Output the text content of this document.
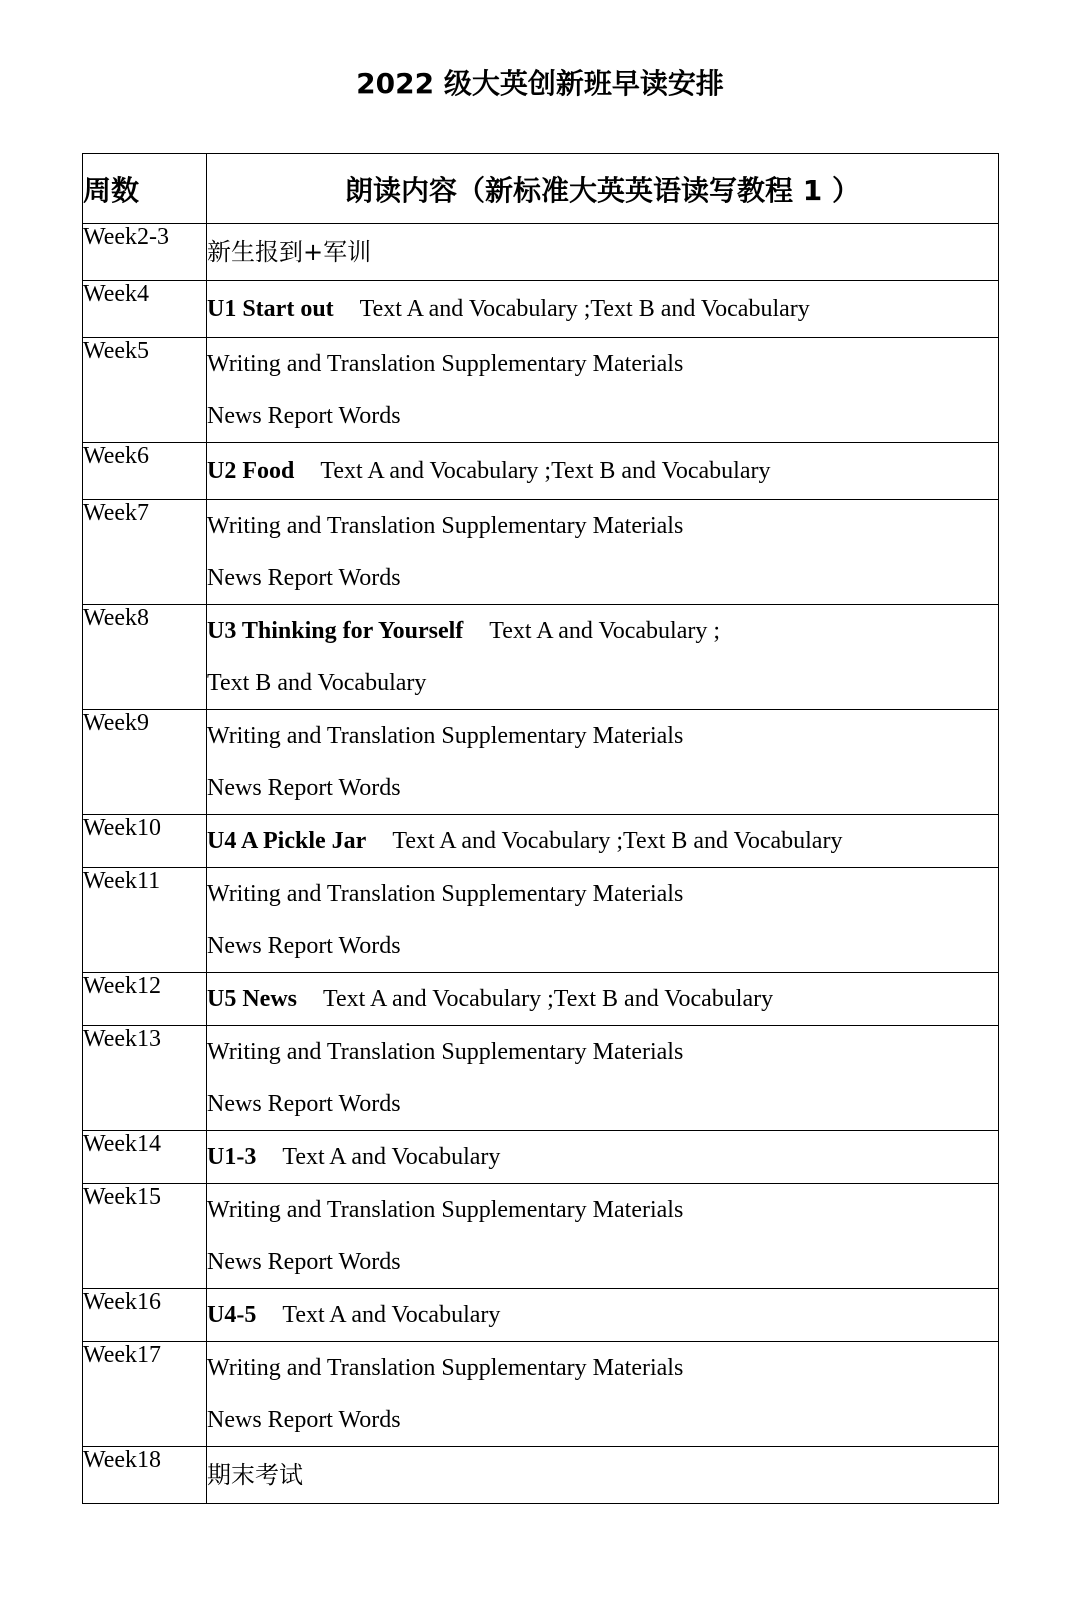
2022 级大英创新班早读安排
周数	朗读内容（新标准大英英语读写教程 1 ）
Week2-3	新生报到+军训

Week4	U1 Start out Text A and Vocabulary ;Text B and Vocabulary

Week5	Writing and Translation Supplementary Materials
News Report Words

Week6	U2 Food Text A and Vocabulary ;Text B and Vocabulary

Week7	Writing and Translation Supplementary Materials
News Report Words

Week8	U3 Thinking for Yourself Text A and Vocabulary ;
Text B and Vocabulary

Week9	Writing and Translation Supplementary Materials
News Report Words

Week10	U4 A Pickle Jar Text A and Vocabulary ;Text B and Vocabulary

Week11	Writing and Translation Supplementary Materials
News Report Words

Week12	U5 News Text A and Vocabulary ;Text B and Vocabulary

Week13	Writing and Translation Supplementary Materials
News Report Words

Week14	U1-3 Text A and Vocabulary

Week15	Writing and Translation Supplementary Materials
News Report Words

Week16	U4-5 Text A and Vocabulary

Week17	Writing and Translation Supplementary Materials
News Report Words

Week18	期末考试
